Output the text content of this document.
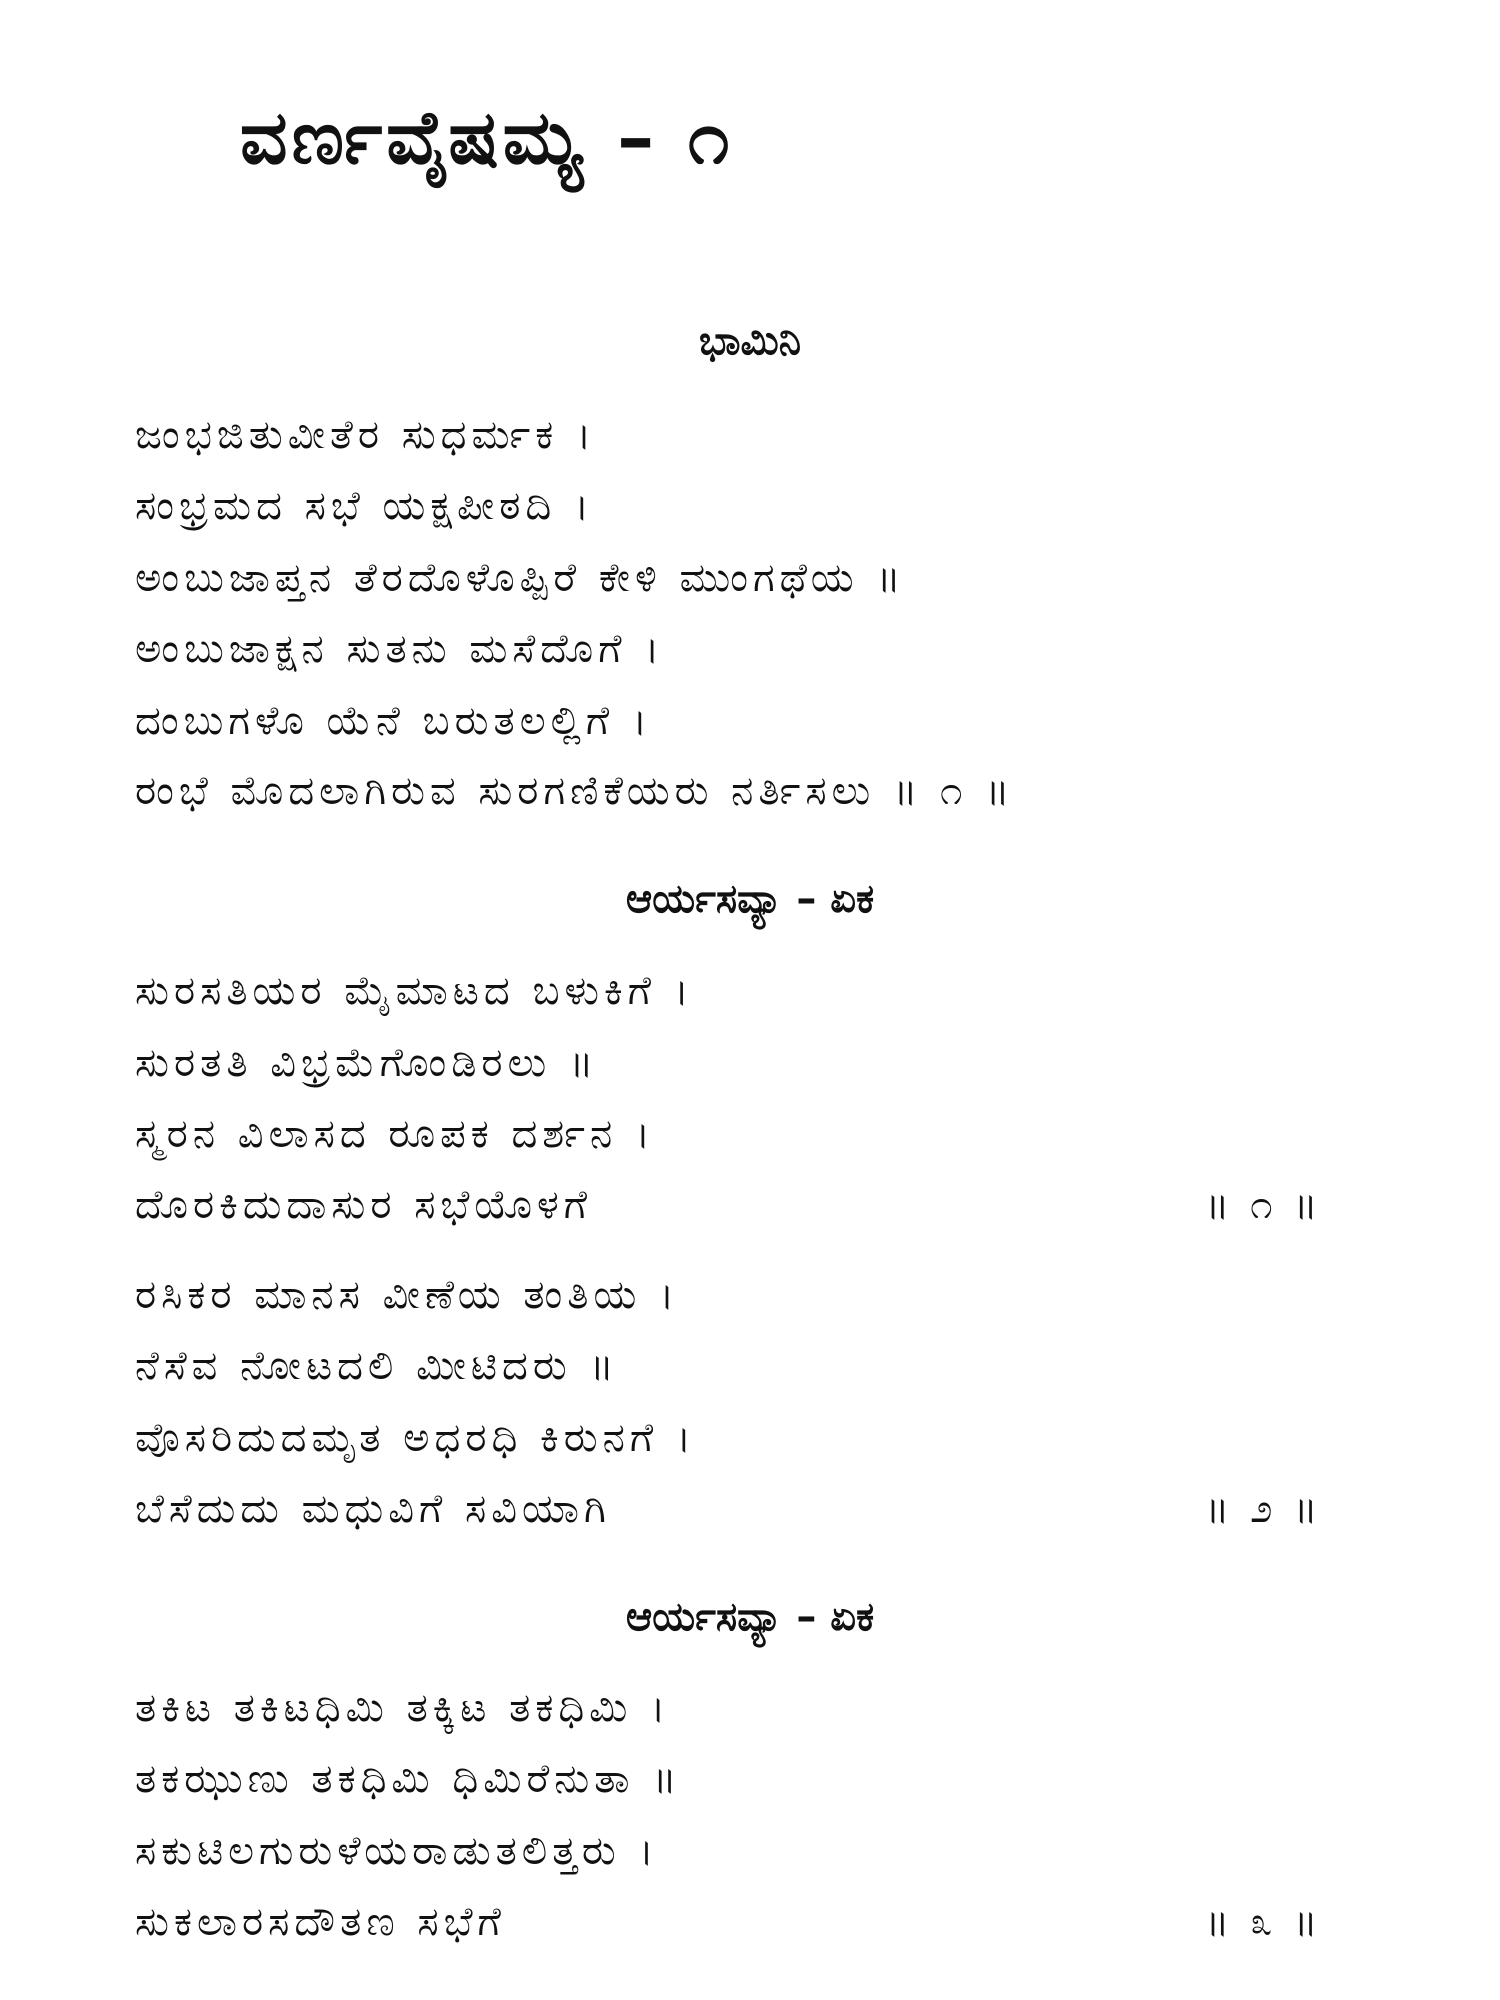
ವರ್ಣವೈಷಮ್ಯ – ೧
ಭಾಮಿನಿ
ಜಂಭಜಿತುವೀತೆರ ಸುಧರ್ಮಕ ।
ಸಂಭ್ರಮದ ಸಭೆ ಯಕ್ಷಪೀಠದಿ ।
ಅಂಬುಜಾಪ್ತನ ತೆರದೊಳೊಪ್ಪಿರೆ ಕೇಳಿ ಮುಂಗಥೆಯ ॥
ಅಂಬುಜಾಕ್ಷನ ಸುತನು ಮಸೆದೊಗೆ ।
ದಂಬುಗಳೊ ಯೆನೆ ಬರುತಲಲ್ಲಿಗೆ ।
ರಂಭೆ ಮೊದಲಾಗಿರುವ ಸುರಗಣಿಕೆಯರು ನರ್ತಿಸಲು ॥ ೧ ॥
ಆರ್ಯಸವ್ಯಾ – ಏಕ
ಸುರಸತಿಯರ ಮೈಮಾಟದ ಬಳುಕಿಗೆ ।
ಸುರತತಿ ವಿಭ್ರಮೆಗೊಂಡಿರಲು ॥
ಸ್ಮರನ ವಿಲಾಸದ ರೂಪಕ ದರ್ಶನ ।
ದೊರಕಿದುದಾಸುರ ಸಭೆಯೊಳಗೆ	॥ ೧ ॥
ರಸಿಕರ ಮಾನಸ ವೀಣೆಯ ತಂತಿಯ ।
ನೆಸೆವ ನೋಟದಲಿ ಮೀಟಿದರು ॥
ವೊಸರಿದುದಮೃತ ಅಧರಧಿ ಕಿರುನಗೆ ।
ಬೆಸೆದುದು ಮಧುವಿಗೆ ಸವಿಯಾಗಿ	॥ ೨ ॥
ಆರ್ಯಸವ್ಯಾ – ಏಕ
ತಕಿಟ ತಕಿಟಧಿಮಿ ತಕ್ಕಿಟ ತಕಧಿಮಿ ।
ತಕಝುಣು ತಕಧಿಮಿ ಧಿಮಿರೆನುತಾ ॥
ಸಕುಟಿಲಗುರುಳೆಯರಾಡುತಲಿತ್ತರು ।
ಸುಕಲಾರಸದೌತಣ ಸಭೆಗೆ	॥ ೩ ॥
